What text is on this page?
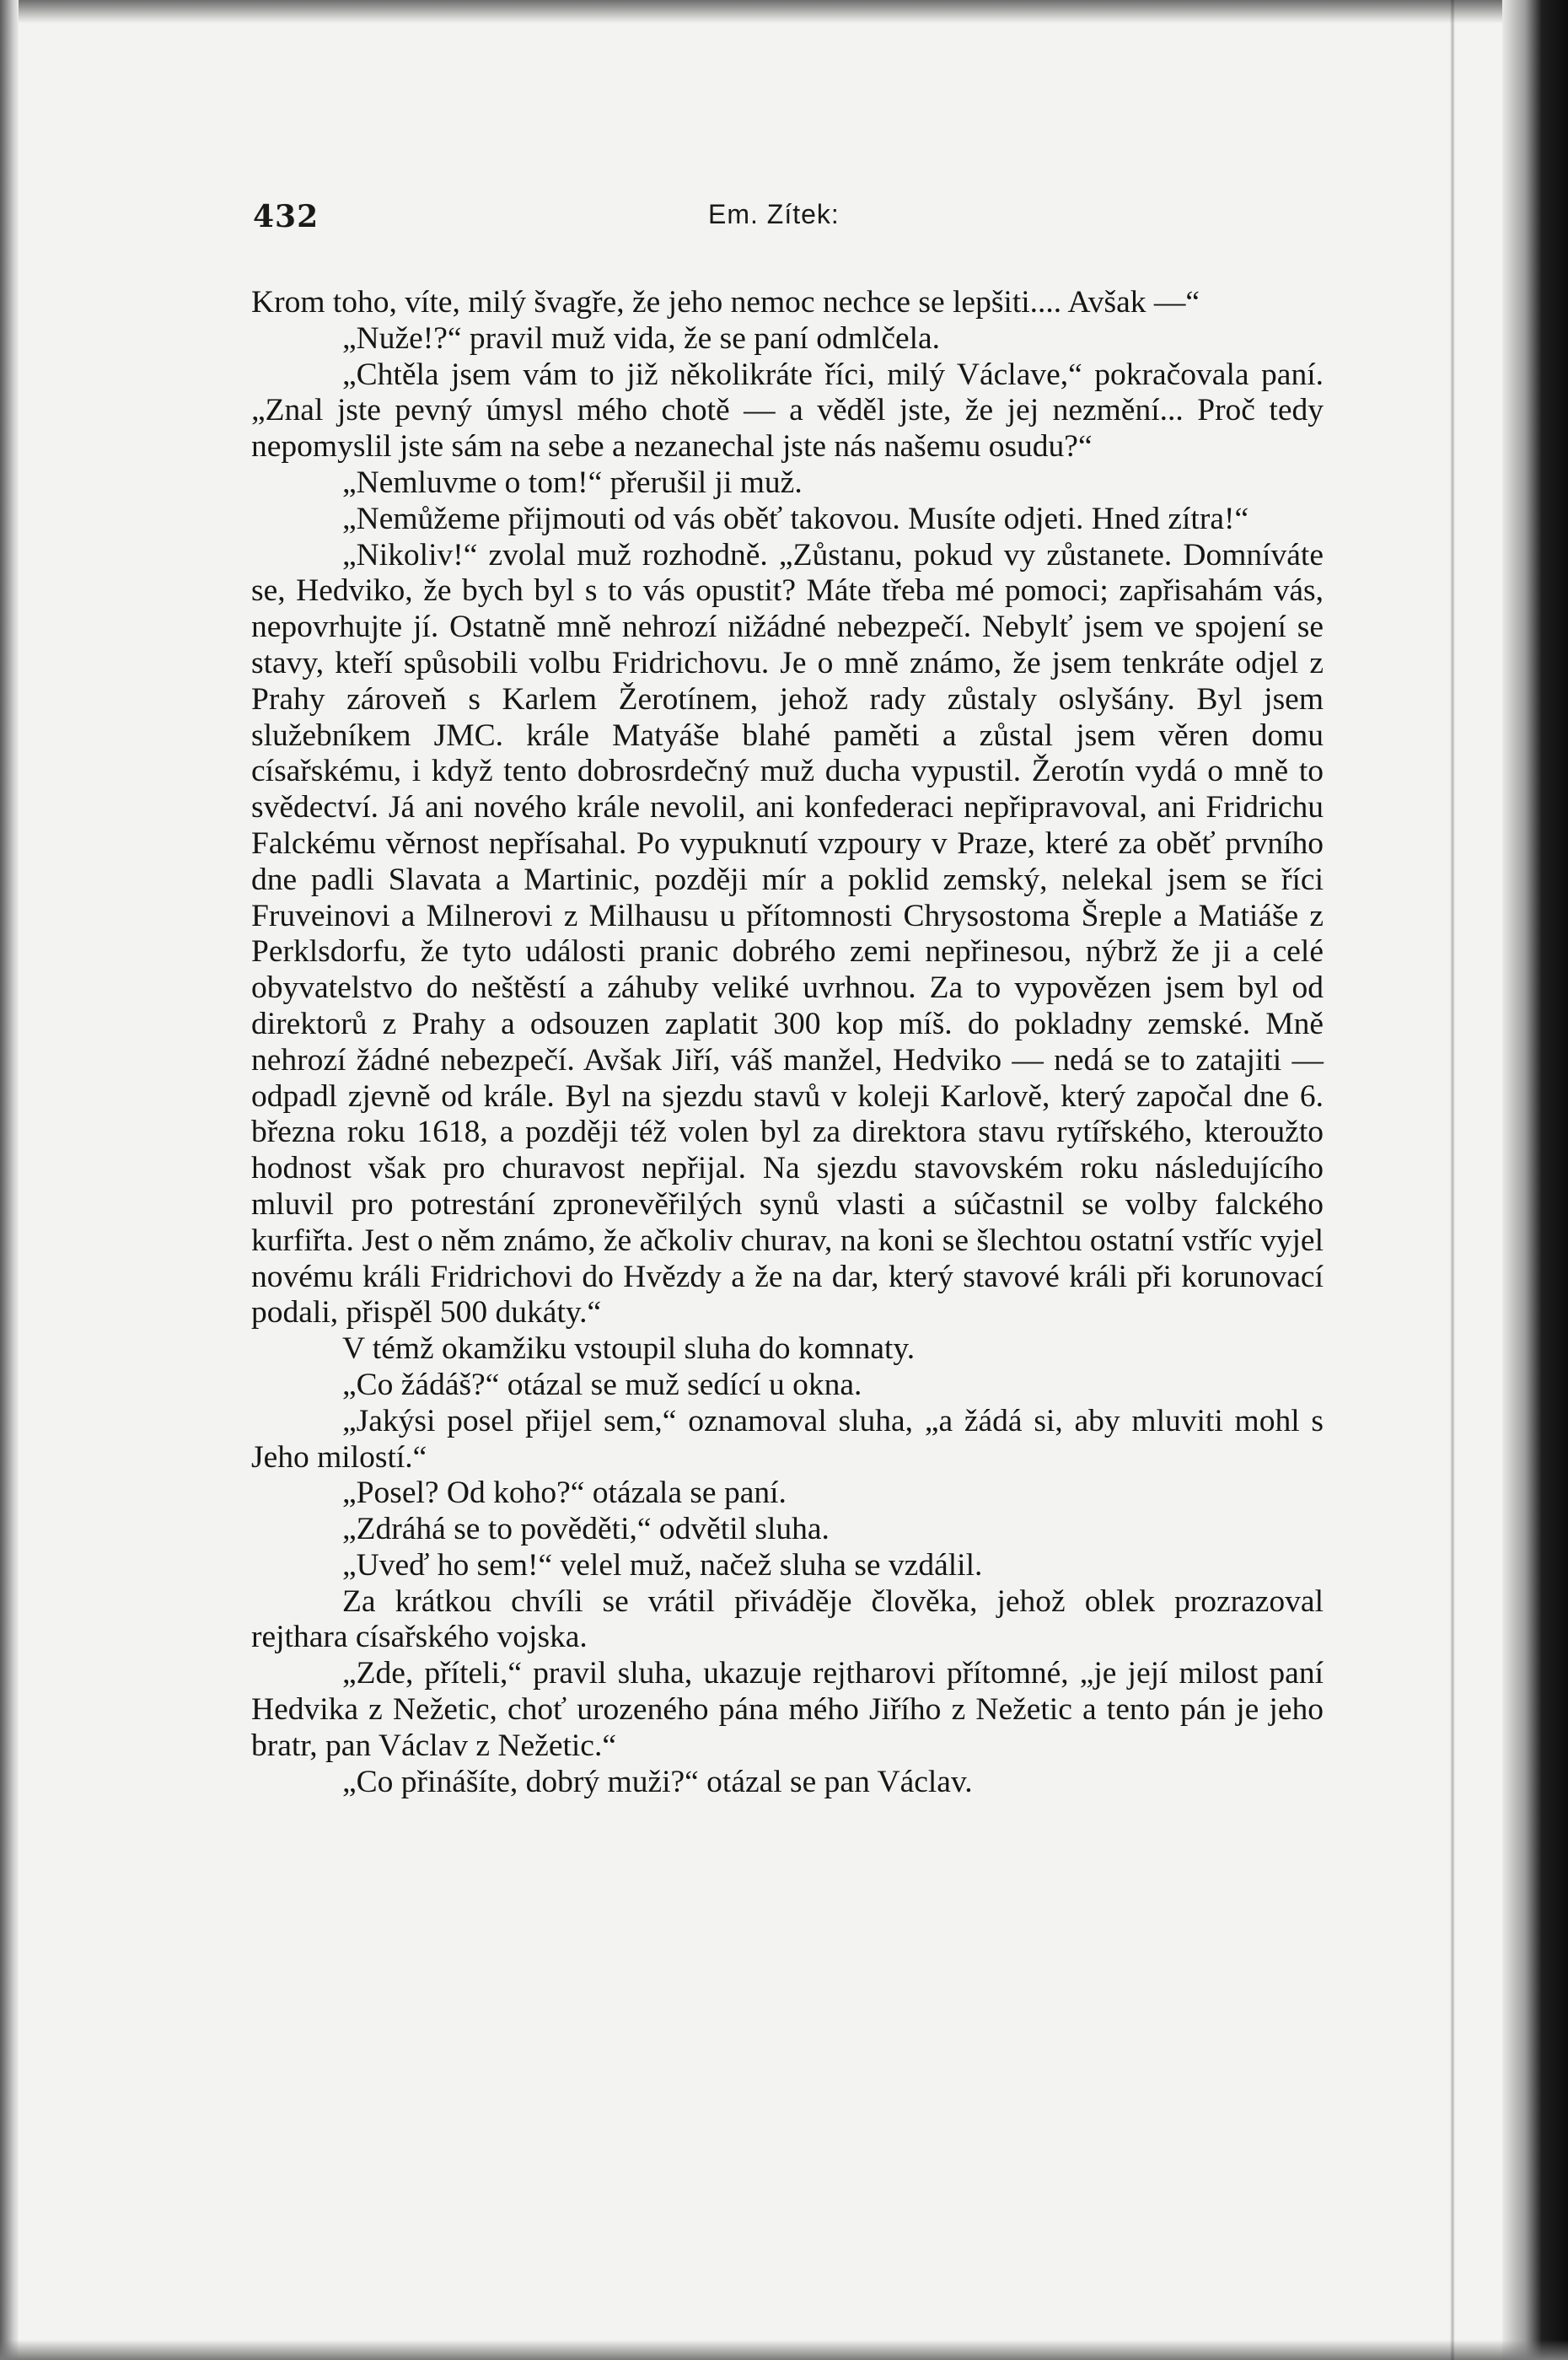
432	Em. Zítek:

Krom toho, víte, milý švagře, že jeho nemoc nechce se lepšiti.... Avšak —“

„Nuže!?“ pravil muž vida, že se paní odmlčela.

„Chtěla jsem vám to již několikráte říci, milý Václave,“ pokračovala paní. „Znal jste pevný úmysl mého chotě — a věděl jste, že jej nezmění... Proč tedy nepomyslil jste sám na sebe a nezanechal jste nás našemu osudu?“

„Nemluvme o tom!“ přerušil ji muž.

„Nemůžeme přijmouti od vás oběť takovou. Musíte odjeti. Hned zítra!“

„Nikoliv!“ zvolal muž rozhodně. „Zůstanu, pokud vy zůstanete. Domníváte se, Hedviko, že bych byl s to vás opustit? Máte třeba mé pomoci; zapřisahám vás, nepovrhujte jí. Ostatně mně nehrozí nižádné nebezpečí. Nebylť jsem ve spojení se stavy, kteří spůsobili volbu Fridrichovu. Je o mně známo, že jsem tenkráte odjel z Prahy zároveň s Karlem Žerotínem, jehož rady zůstaly oslyšány. Byl jsem služebníkem JMC. krále Matyáše blahé paměti a zůstal jsem věren domu císařskému, i když tento dobrosrdečný muž ducha vypustil. Žerotín vydá o mně to svědectví. Já ani nového krále nevolil, ani konfederaci nepřipravoval, ani Fridrichu Falckému věrnost nepřísahal. Po vypuknutí vzpoury v Praze, které za oběť prvního dne padli Slavata a Martinic, později mír a poklid zemský, nelekal jsem se říci Fruveinovi a Milnerovi z Milhausu u přítomnosti Chrysostoma Šreple a Matiáše z Perklsdorfu, že tyto události pranic dobrého zemi nepřinesou, nýbrž že ji a celé obyvatelstvo do neštěstí a záhuby veliké uvrhnou. Za to vypovězen jsem byl od direktorů z Prahy a odsouzen zaplatit 300 kop míš. do pokladny zemské. Mně nehrozí žádné nebezpečí. Avšak Jiří, váš manžel, Hedviko — nedá se to zatajiti — odpadl zjevně od krále. Byl na sjezdu stavů v koleji Karlově, který započal dne 6. března roku 1618, a později též volen byl za direktora stavu rytířského, kteroužto hodnost však pro churavost nepřijal. Na sjezdu stavovském roku následujícího mluvil pro potrestání zpronevěřilých synů vlasti a súčastnil se volby falckého kurfiřta. Jest o něm známo, že ačkoliv churav, na koni se šlechtou ostatní vstříc vyjel novému králi Fridrichovi do Hvězdy a že na dar, který stavové králi při korunovací podali, přispěl 500 dukáty.“

V témž okamžiku vstoupil sluha do komnaty.

„Co žádáš?“ otázal se muž sedící u okna.

„Jakýsi posel přijel sem,“ oznamoval sluha, „a žádá si, aby mluviti mohl s Jeho milostí.“

„Posel? Od koho?“ otázala se paní.

„Zdráhá se to pověděti,“ odvětil sluha.

„Uveď ho sem!“ velel muž, načež sluha se vzdálil.

Za krátkou chvíli se vrátil přiváděje člověka, jehož oblek prozrazoval rejthara císařského vojska.

„Zde, příteli,“ pravil sluha, ukazuje rejtharovi přítomné, „je její milost paní Hedvika z Nežetic, choť urozeného pána mého Jiřího z Nežetic a tento pán je jeho bratr, pan Václav z Nežetic.“

„Co přinášíte, dobrý muži?“ otázal se pan Václav.
